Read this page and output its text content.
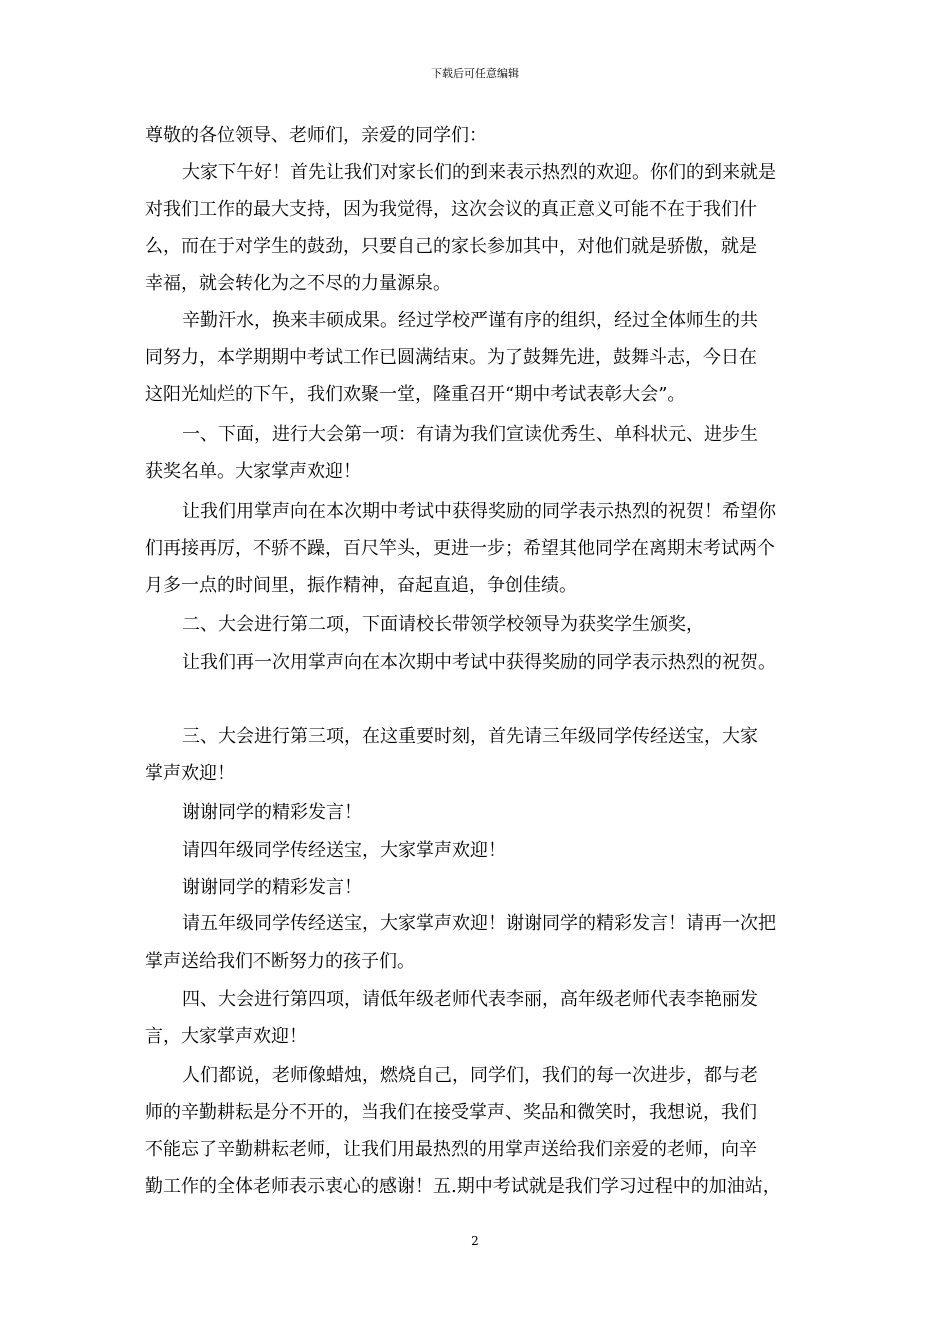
下载后可任意编辑
尊敬的各位领导、老师们，亲爱的同学们：
大家下午好！首先让我们对家长们的到来表示热烈的欢迎。你们的到来就是
对我们工作的最大支持，因为我觉得，这次会议的真正意义可能不在于我们什
么，而在于对学生的鼓劲，只要自己的家长参加其中，对他们就是骄傲，就是
幸福，就会转化为之不尽的力量源泉。
辛勤汗水，换来丰硕成果。经过学校严谨有序的组织，经过全体师生的共
同努力，本学期期中考试工作已圆满结束。为了鼓舞先进，鼓舞斗志，今日在
这阳光灿烂的下午，我们欢聚一堂，隆重召开“期中考试表彰大会”。
一、下面，进行大会第一项：有请为我们宣读优秀生、单科状元、进步生
获奖名单。大家掌声欢迎！
让我们用掌声向在本次期中考试中获得奖励的同学表示热烈的祝贺！希望你
们再接再厉，不骄不躁，百尺竿头，更进一步；希望其他同学在离期末考试两个
月多一点的时间里，振作精神，奋起直追，争创佳绩。
二、大会进行第二项，下面请校长带领学校领导为获奖学生颁奖，
让我们再一次用掌声向在本次期中考试中获得奖励的同学表示热烈的祝贺。
三、大会进行第三项，在这重要时刻，首先请三年级同学传经送宝，大家
掌声欢迎！
谢谢同学的精彩发言！
请四年级同学传经送宝，大家掌声欢迎！
谢谢同学的精彩发言！
请五年级同学传经送宝，大家掌声欢迎！谢谢同学的精彩发言！请再一次把
掌声送给我们不断努力的孩子们。
四、大会进行第四项，请低年级老师代表李丽，高年级老师代表李艳丽发
言，大家掌声欢迎！
人们都说，老师像蜡烛，燃烧自己，同学们，我们的每一次进步，都与老
师的辛勤耕耘是分不开的，当我们在接受掌声、奖品和微笑时，我想说，我们
不能忘了辛勤耕耘老师，让我们用最热烈的用掌声送给我们亲爱的老师，向辛
勤工作的全体老师表示衷心的感谢！五.期中考试就是我们学习过程中的加油站，
2
